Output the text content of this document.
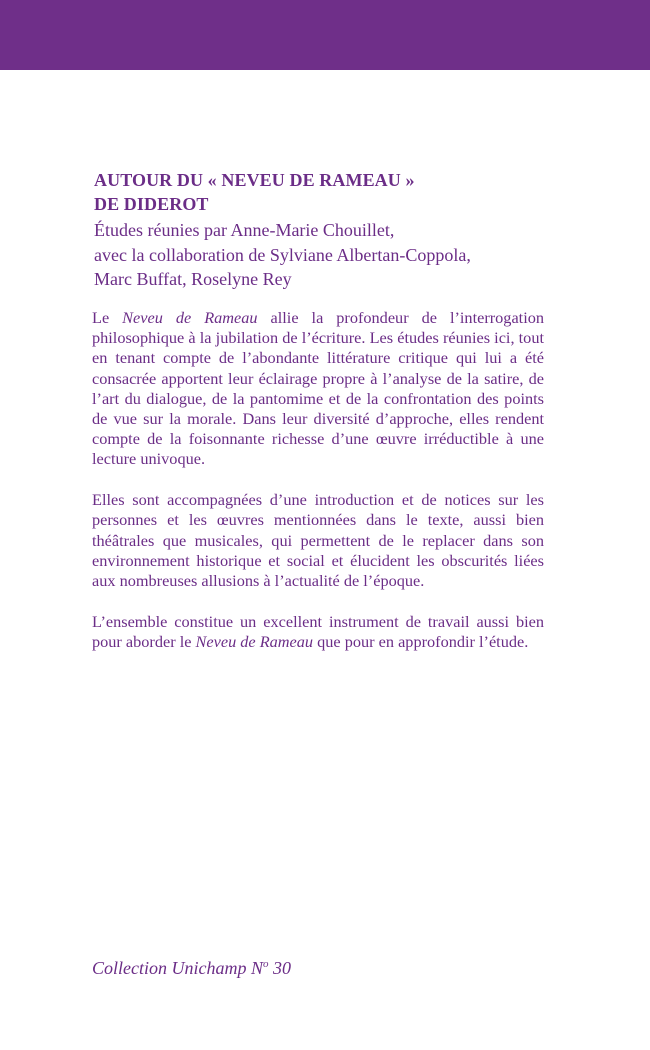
AUTOUR DU « NEVEU DE RAMEAU »
DE DIDEROT
Études réunies par Anne-Marie Chouillet,
avec la collaboration de Sylviane Albertan-Coppola,
Marc Buffat, Roselyne Rey

Le Neveu de Rameau allie la profondeur de l’interrogation philosophique à la jubilation de l’écriture. Les études réunies ici, tout en tenant compte de l’abondante littérature critique qui lui a été consacrée apportent leur éclairage propre à l’analyse de la satire, de l’art du dialogue, de la pantomime et de la confrontation des points de vue sur la morale. Dans leur diversité d’approche, elles rendent compte de la foisonnante richesse d’une œuvre irréductible à une lecture univoque.

Elles sont accompagnées d’une introduction et de notices sur les personnes et les œuvres mentionnées dans le texte, aussi bien théâtrales que musicales, qui permettent de le replacer dans son environnement historique et social et élucident les obscurités liées aux nombreuses allusions à l’actualité de l’époque.

L’ensemble constitue un excellent instrument de travail aussi bien pour aborder le Neveu de Rameau que pour en approfondir l’étude.

Collection Unichamp $N^o$ 30
